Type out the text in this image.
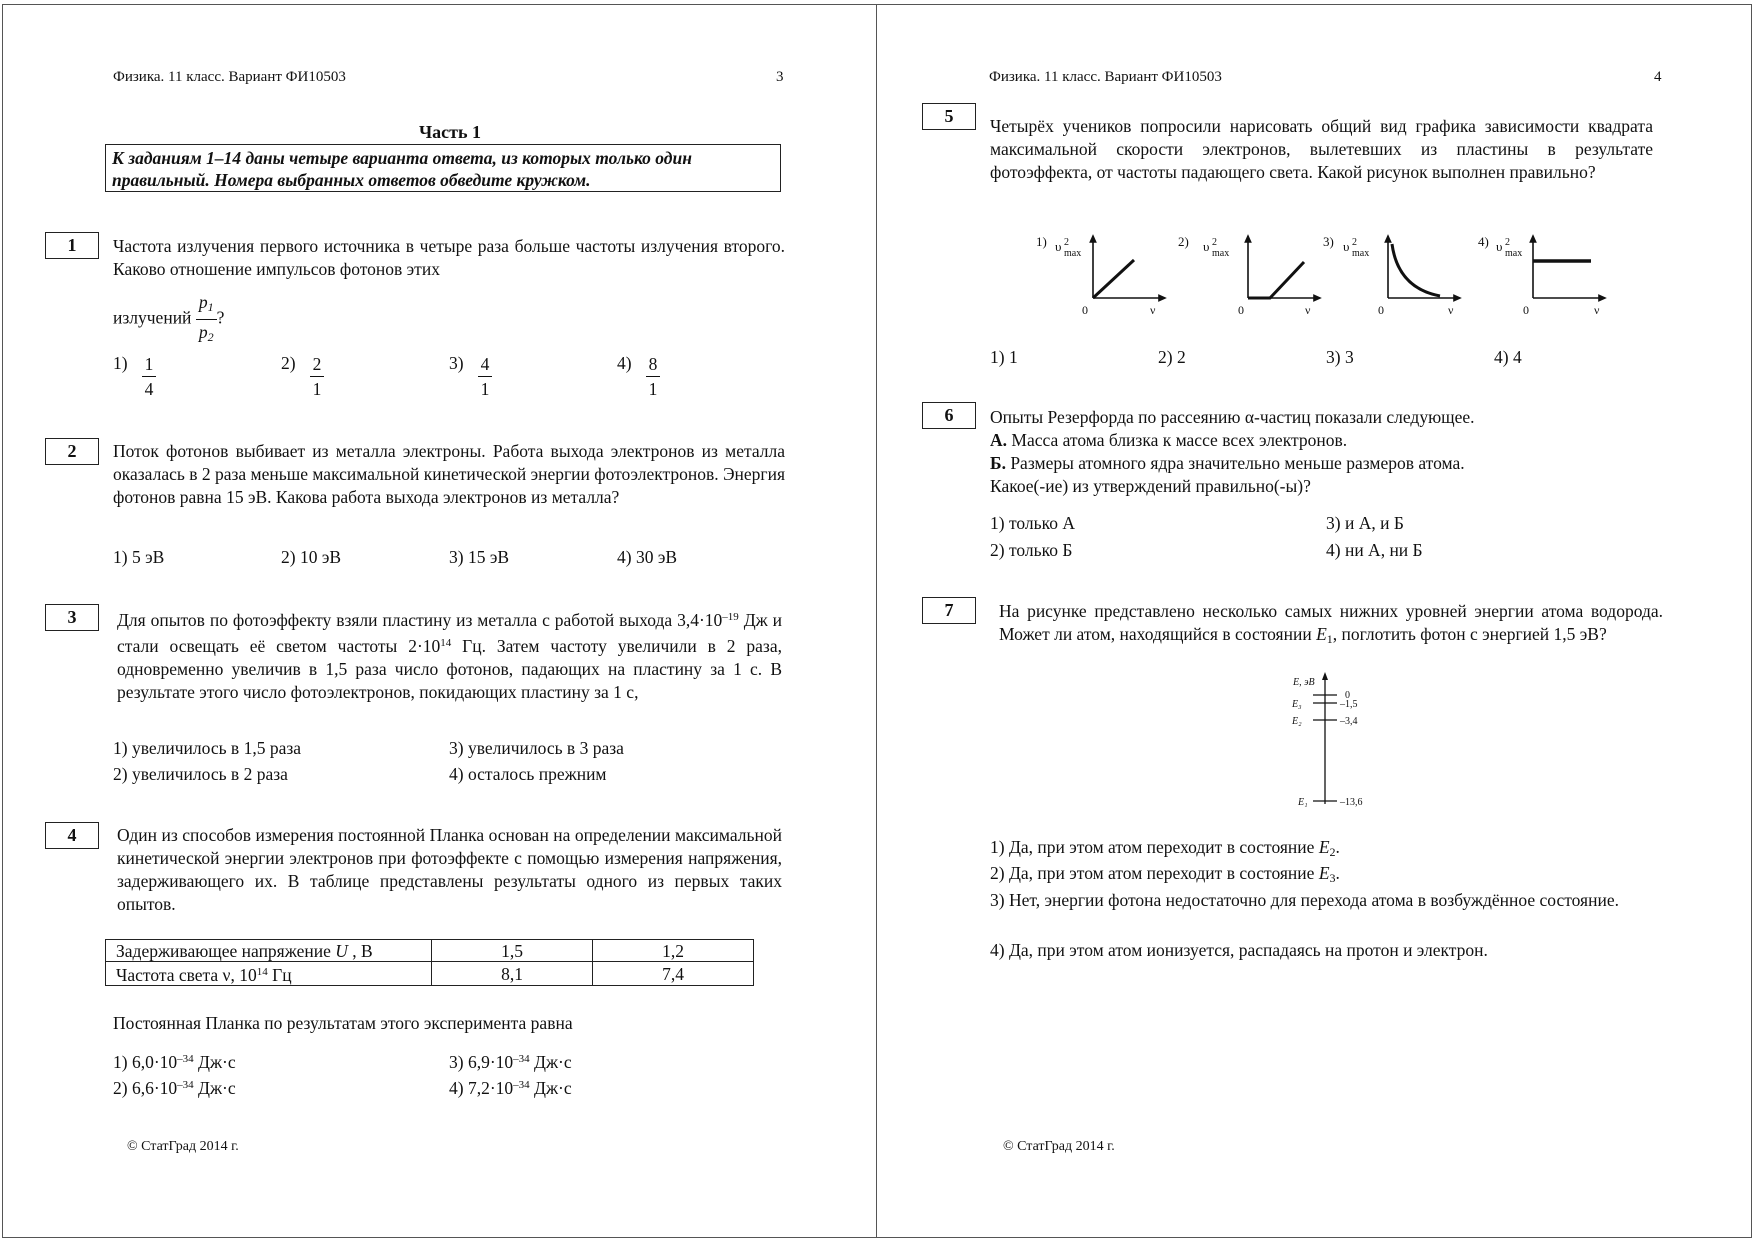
Физика. 11 класс. Вариант ФИ10503	3
Часть 1
К заданиям 1–14 даны четыре варианта ответа, из которых только один правильный. Номера выбранных ответов обведите кружком.
1	Частота излучения первого источника в четыре раза больше частоты излучения второго. Каково отношение импульсов фотонов этих
излучений $\frac{p_1}{p_2}$ ?
$1) \frac{1}{4}$	$2) \frac{2}{1}$	$3) \frac{4}{1}$	$4) \frac{8}{1}$
2	Поток фотонов выбивает из металла электроны. Работа выхода электронов из металла оказалась в 2 раза меньше максимальной кинетической энергии фотоэлектронов. Энергия фотонов равна 15 эВ. Какова работа выхода электронов из металла?
1) 5 эВ	2) 10 эВ	3) 15 эВ	4) 30 эВ
3	Для опытов по фотоэффекту взяли пластину из металла с работой выхода $3,4\cdot 10^{-19}$ Дж и стали освещать её светом частоты $2\cdot 10^{14}$ Гц. Затем частоту увеличили в 2 раза, одновременно увеличив в 1,5 раза число фотонов, падающих на пластину за 1 с. В результате этого число фотоэлектронов, покидающих пластину за 1 с,
1) увеличилось в 1,5 раза	3) увеличилось в 3 раза
2) увеличилось в 2 раза	4) осталось прежним
4	Один из способов измерения постоянной Планка основан на определении максимальной кинетической энергии электронов при фотоэффекте с помощью измерения напряжения, задерживающего их. В таблице представлены результаты одного из первых таких опытов.
Задерживающее напряжение U , В	1,5	1,2
Частота света ν, $10^{14}$ Гц	8,1	7,4
Постоянная Планка по результатам этого эксперимента равна
1) $6,0\cdot 10^{-34}$ Дж·с	3) $6,9\cdot 10^{-34}$ Дж·с
2) $6,6\cdot 10^{-34}$ Дж·с	4) $7,2\cdot 10^{-34}$ Дж·с
© СтатГрад 2014 г.
Физика. 11 класс. Вариант ФИ10503	4
5	Четырёх учеников попросили нарисовать общий вид графика зависимости квадрата максимальной скорости электронов, вылетевших из пластины в результате фотоэффекта, от частоты падающего света. Какой рисунок выполнен правильно?
1) υ 2
max
0	ν
2) υ 2
max
0	ν
3) υ 2
max
0	ν
4) υ 2
max
0	ν
1) 1	2) 2	3) 3	4) 4
6	Опыты Резерфорда по рассеянию α-частиц показали следующее.
А. Масса атома близка к массе всех электронов.
Б. Размеры атомного ядра значительно меньше размеров атома.
Какое(-ие) из утверждений правильно(-ы)?
1) только А	3) и А, и Б
2) только Б	4) ни А, ни Б
7	На рисунке представлено несколько самых нижних уровней энергии атома водорода. Может ли атом, находящийся в состоянии $E_1$, поглотить фотон с энергией 1,5 эВ?
E, эВ
0
E₃	–1,5
E₂	–3,4
E₁	–13,6
1) Да, при этом атом переходит в состояние $E_2$.
2) Да, при этом атом переходит в состояние $E_3$.
3) Нет, энергии фотона недостаточно для перехода атома в возбуждённое состояние.
4) Да, при этом атом ионизуется, распадаясь на протон и электрон.
© СтатГрад 2014 г.
